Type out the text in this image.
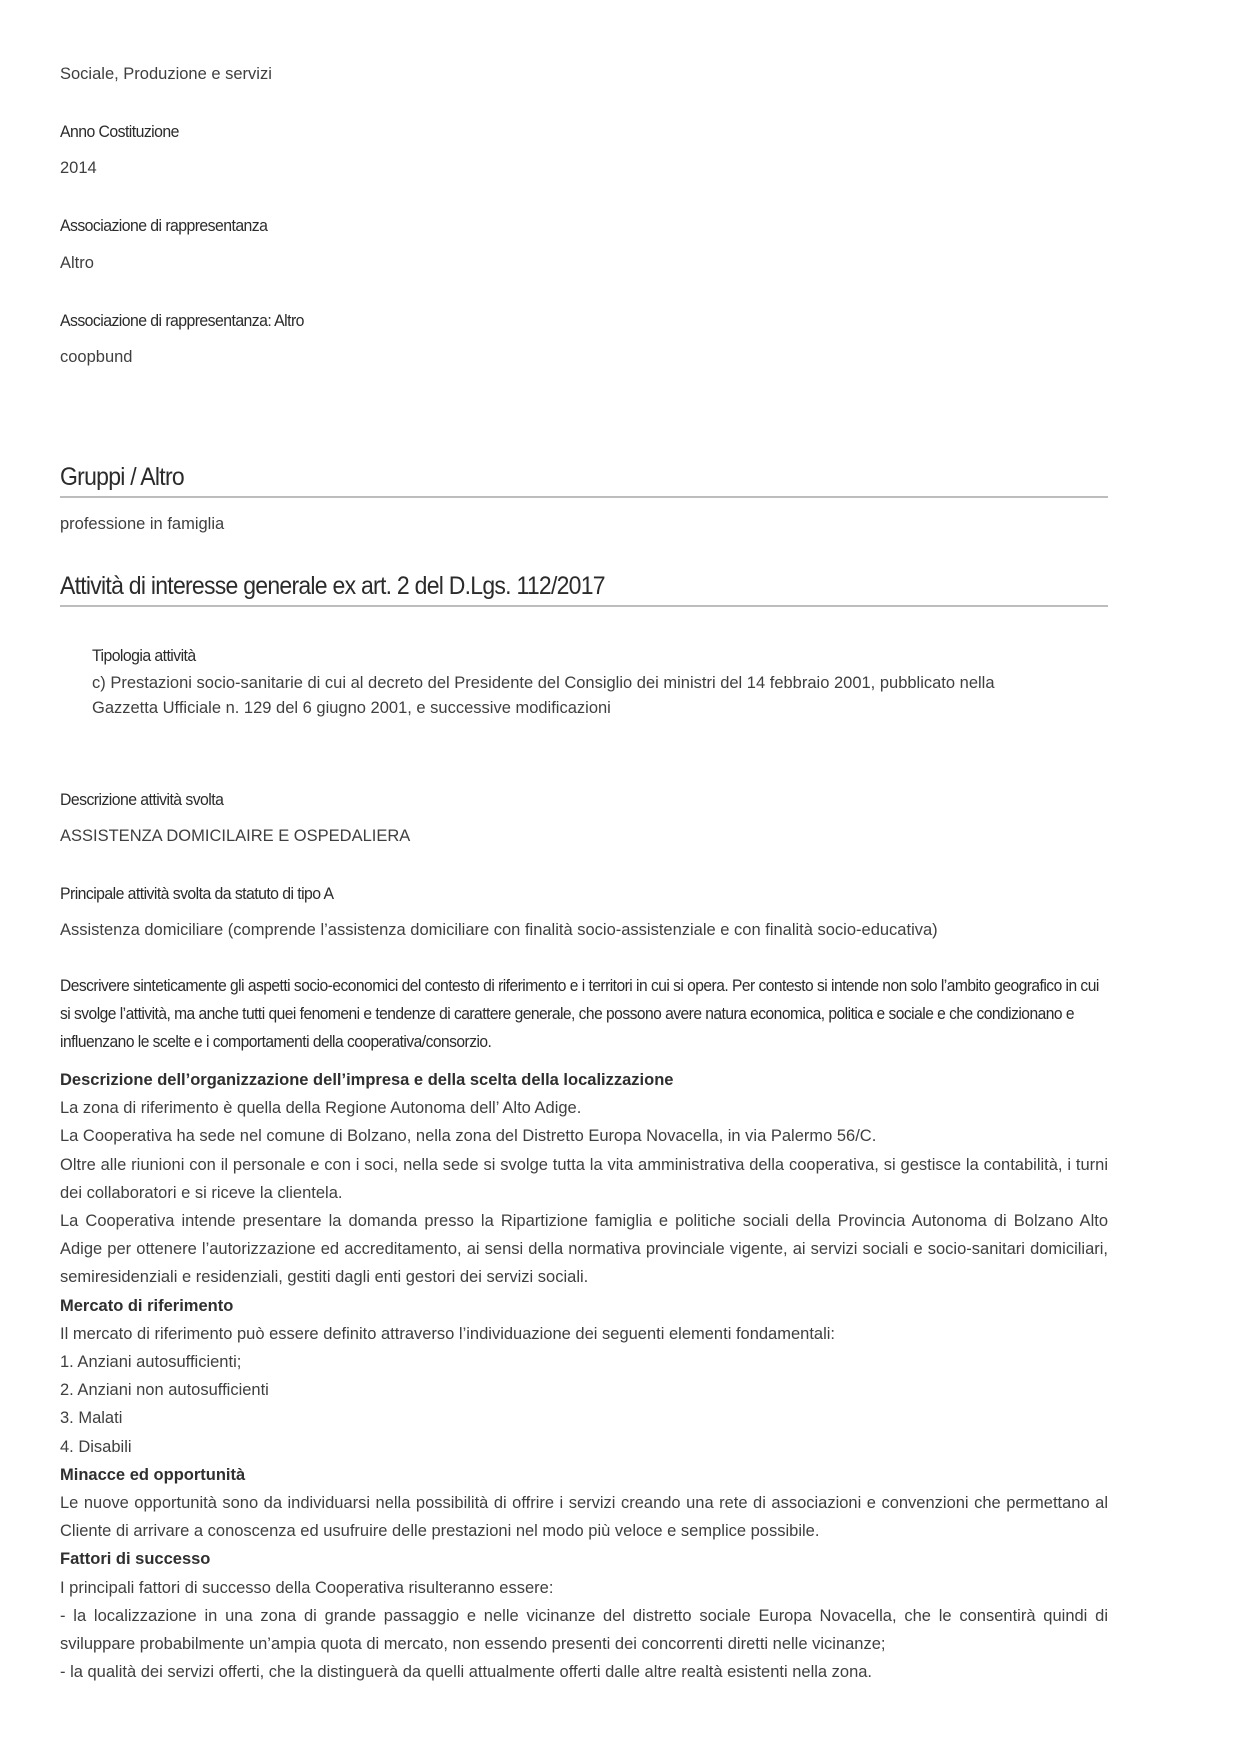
Sociale, Produzione e servizi
Anno Costituzione
2014
Associazione di rappresentanza
Altro
Associazione di rappresentanza: Altro
coopbund
Gruppi / Altro
professione in famiglia
Attività di interesse generale ex art. 2 del D.Lgs. 112/2017
Tipologia attività
c) Prestazioni socio-sanitarie di cui al decreto del Presidente del Consiglio dei ministri del 14 febbraio 2001, pubblicato nella
Gazzetta Ufficiale n. 129 del 6 giugno 2001, e successive modificazioni
Descrizione attività svolta
ASSISTENZA DOMICILAIRE E OSPEDALIERA
Principale attività svolta da statuto di tipo A
Assistenza domiciliare (comprende l’assistenza domiciliare con finalità socio-assistenziale e con finalità socio-educativa)
Descrivere sinteticamente gli aspetti socio-economici del contesto di riferimento e i territori in cui si opera. Per contesto si intende non solo l’ambito geografico in cui si svolge l’attività, ma anche tutti quei fenomeni e tendenze di carattere generale, che possono avere natura economica, politica e sociale e che condizionano e influenzano le scelte e i comportamenti della cooperativa/consorzio.

Descrizione dell’organizzazione dell’impresa e della scelta della localizzazione

La zona di riferimento è quella della Regione Autonoma dell’ Alto Adige.

La Cooperativa ha sede nel comune di Bolzano, nella zona del Distretto Europa Novacella, in via Palermo 56/C.

Oltre alle riunioni con il personale e con i soci, nella sede si svolge tutta la vita amministrativa della cooperativa, si gestisce la contabilità, i turni dei collaboratori e si riceve la clientela.

La Cooperativa intende presentare la domanda presso la Ripartizione famiglia e politiche sociali della Provincia Autonoma di Bolzano Alto Adige per ottenere l’autorizzazione ed accreditamento, ai sensi della normativa provinciale vigente, ai servizi sociali e socio-sanitari domiciliari, semiresidenziali e residenziali, gestiti dagli enti gestori dei servizi sociali.

Mercato di riferimento

Il mercato di riferimento può essere definito attraverso l’individuazione dei seguenti elementi fondamentali:

1. Anziani autosufficienti;

2. Anziani non autosufficienti

3. Malati

4. Disabili

Minacce ed opportunità

Le nuove opportunità sono da individuarsi nella possibilità di offrire i servizi creando una rete di associazioni e convenzioni che permettano al Cliente di arrivare a conoscenza ed usufruire delle prestazioni nel modo più veloce e semplice possibile.

Fattori di successo

I principali fattori di successo della Cooperativa risulteranno essere:

- la localizzazione in una zona di grande passaggio e nelle vicinanze del distretto sociale Europa Novacella, che le consentirà quindi di sviluppare probabilmente un’ampia quota di mercato, non essendo presenti dei concorrenti diretti nelle vicinanze;

- la qualità dei servizi offerti, che la distinguerà da quelli attualmente offerti dalle altre realtà esistenti nella zona.
